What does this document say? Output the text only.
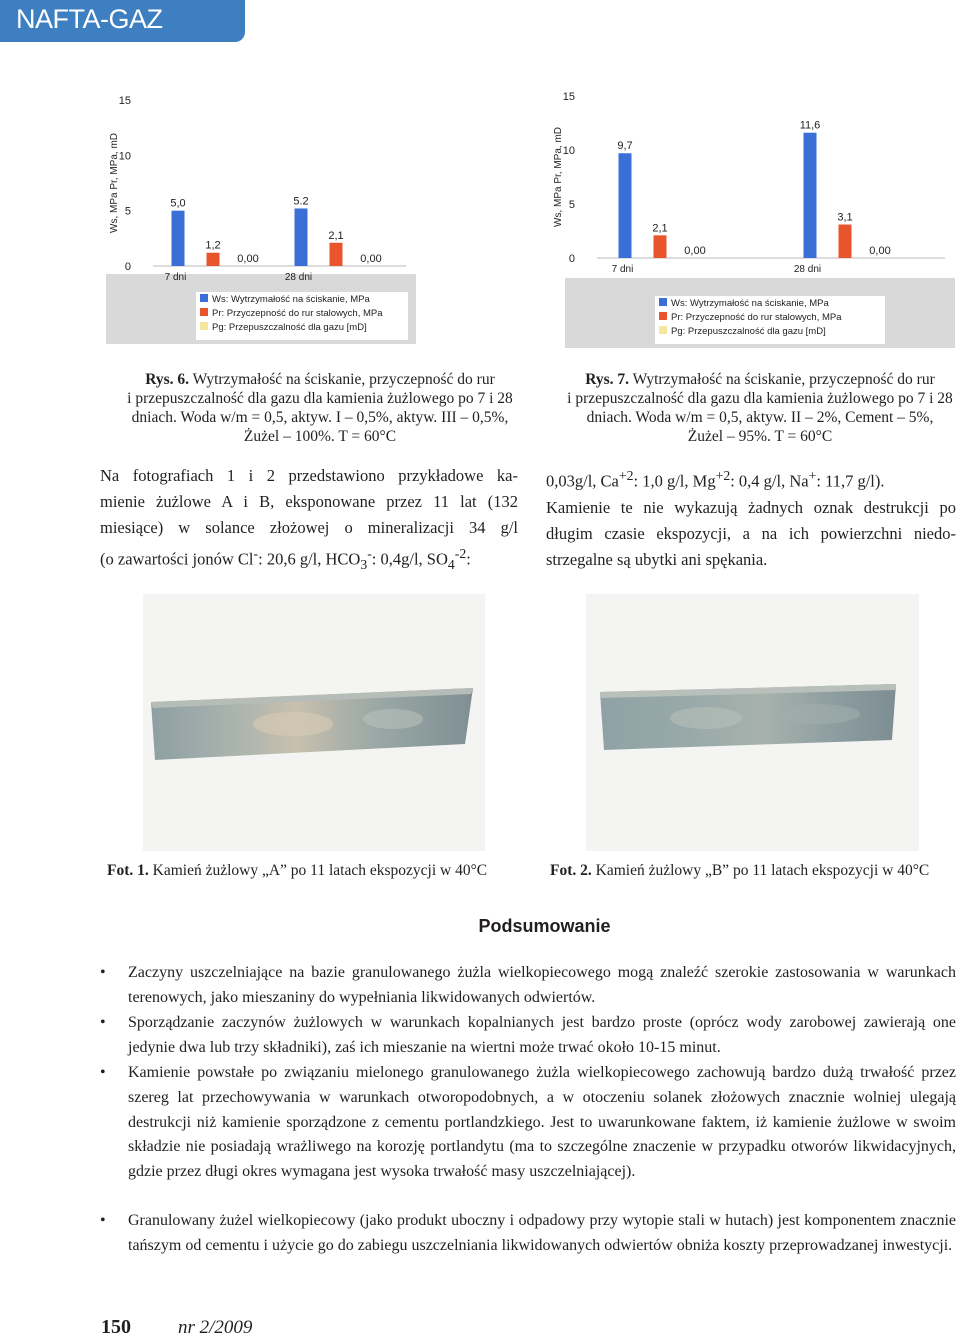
NAFTA-GAZ
0
5
10
15
Ws, MPa Pr, MPa, mD	5,0
1,2
0,00
7 dni
5.2
2,1
0,00
28 dni
Ws: Wytrzymałość na ściskanie, MPa
Pr: Przyczepność do rur stalowych, MPa
Pg: Przepuszczalność dla gazu [mD]
0
5
10
15
Ws, MPa Pr, MPa, mD	9,7
2,1
0,00
7 dni
11,6
3,1
0,00
28 dni
Ws: Wytrzymałość na ściskanie, MPa
Pr: Przyczepność do rur stalowych, MPa
Pg: Przepuszczalność dla gazu [mD]
Rys. 6. Wytrzymałość na ściskanie, przyczepność do rur
i przepuszczalność dla gazu dla kamienia żużlowego po 7 i 28
dniach. Woda w/m = 0,5, aktyw. I – 0,5%, aktyw. III – 0,5%,
Żużel – 100%. T = 60°C
Rys. 7. Wytrzymałość na ściskanie, przyczepność do rur
i przepuszczalność dla gazu dla kamienia żużlowego po 7 i 28
dniach. Woda w/m = 0,5, aktyw. II – 2%, Cement – 5%,
Żużel – 95%. T = 60°C
Na fotografiach 1 i 2 przedstawiono przykładowe ka-
mienie żużlowe A i B, eksponowane przez 11 lat (132
miesiące) w solance złożowej o mineralizacji 34 g/l
(o zawartości jonów Cl-: 20,6 g/l, $HCO_3^-$: 0,4g/l, $SO_4^{-2}$:
0,03g/l, $Ca^{+2}$: 1,0 g/l, $Mg^{+2}$: 0,4 g/l, Na+: 11,7 g/l).
Kamienie te nie wykazują żadnych oznak destrukcji po
długim czasie ekspozycji, a na ich powierzchni niedo-
strzegalne są ubytki ani spękania.
Fot. 1. Kamień żużlowy „A” po 11 latach ekspozycji w 40°C	Fot. 2. Kamień żużlowy „B” po 11 latach ekspozycji w 40°C
Podsumowanie
• Zaczyny uszczelniające na bazie granulowanego żużla wielkopiecowego mogą znaleźć szerokie zastosowania w warunkach terenowych, jako mieszaniny do wypełniania likwidowanych odwiertów.
• Sporządzanie zaczynów żużlowych w warunkach kopalnianych jest bardzo proste (oprócz wody zarobowej zawierają one jedynie dwa lub trzy składniki), zaś ich mieszanie na wiertni może trwać około 10-15 minut.
• Kamienie powstałe po związaniu mielonego granulowanego żużla wielkopiecowego zachowują bardzo dużą trwałość przez szereg lat przechowywania w warunkach otworopodobnych, a w otoczeniu solanek złożowych znacznie wolniej ulegają destrukcji niż kamienie sporządzone z cementu portlandzkiego. Jest to uwarunkowane faktem, iż kamienie żużlowe w swoim składzie nie posiadają wrażliwego na korozję portlandytu (ma to szczególne znaczenie w przypadku otworów likwidacyjnych, gdzie przez długi okres wymagana jest wysoka trwałość masy uszczelniającej).
• Granulowany żużel wielkopiecowy (jako produkt uboczny i odpadowy przy wytopie stali w hutach) jest komponentem znacznie tańszym od cementu i użycie go do zabiegu uszczelniania likwidowanych odwiertów obniża koszty przeprowadzanej inwestycji.
150 nr 2/2009
